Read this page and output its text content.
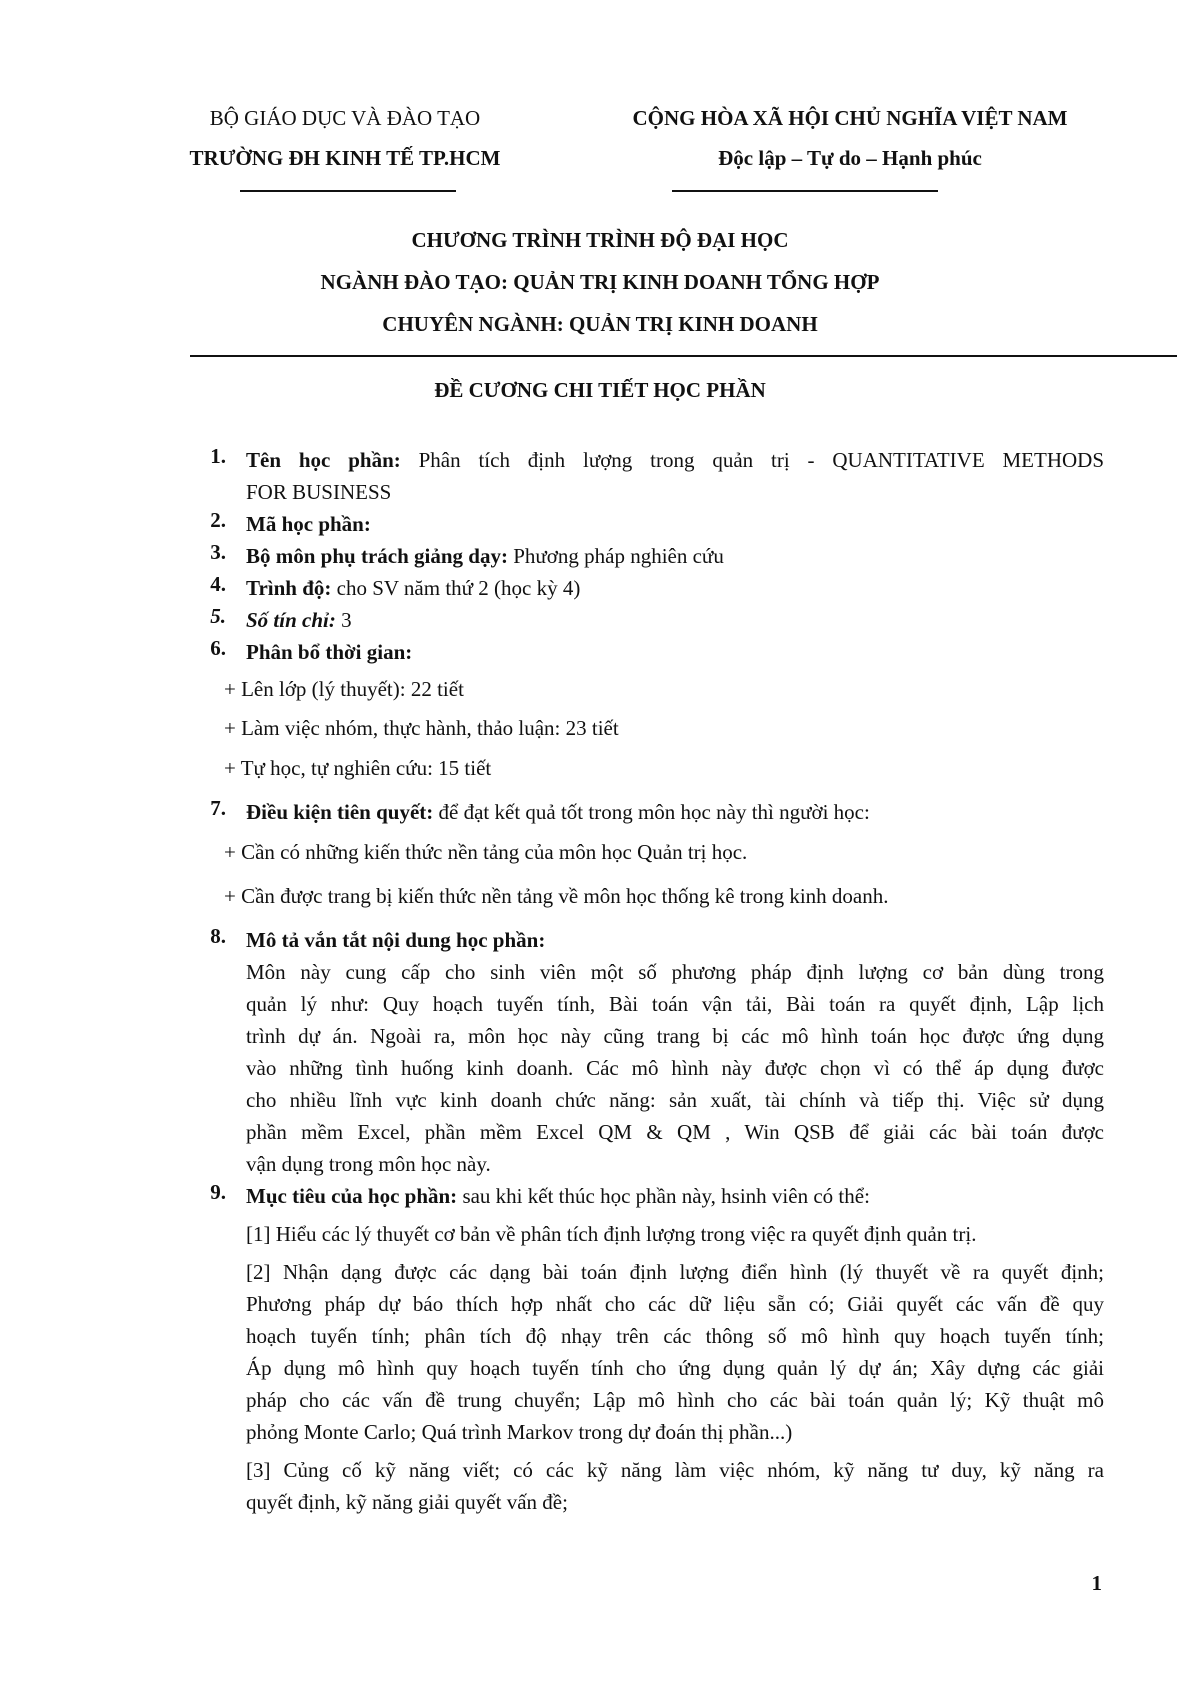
BỘ GIÁO DỤC VÀ ĐÀO TẠO
TRƯỜNG ĐH KINH TẾ TP.HCM
CỘNG HÒA XÃ HỘI CHỦ NGHĨA VIỆT NAM
Độc lập – Tự do – Hạnh phúc
CHƯƠNG TRÌNH TRÌNH ĐỘ ĐẠI HỌC
NGÀNH ĐÀO TẠO: QUẢN TRỊ KINH DOANH TỔNG HỢP
CHUYÊN NGÀNH: QUẢN TRỊ KINH DOANH
ĐỀ CƯƠNG CHI TIẾT HỌC PHẦN
1. Tên học phần: Phân tích định lượng trong quản trị - QUANTITATIVE METHODS
FOR BUSINESS
2. Mã học phần:
3. Bộ môn phụ trách giảng dạy: Phương pháp nghiên cứu
4. Trình độ: cho SV năm thứ 2 (học kỳ 4)
5. Số tín chỉ: 3
6. Phân bổ thời gian:
+ Lên lớp (lý thuyết): 22 tiết
+ Làm việc nhóm, thực hành, thảo luận: 23 tiết
+ Tự học, tự nghiên cứu: 15 tiết
7. Điều kiện tiên quyết: để đạt kết quả tốt trong môn học này thì người học:
+ Cần có những kiến thức nền tảng của môn học Quản trị học.
+ Cần được trang bị kiến thức nền tảng về môn học thống kê trong kinh doanh.
8. Mô tả vắn tắt nội dung học phần:
Môn này cung cấp cho sinh viên một số phương pháp định lượng cơ bản dùng trong
quản lý như: Quy hoạch tuyến tính, Bài toán vận tải, Bài toán ra quyết định, Lập lịch
trình dự án. Ngoài ra, môn học này cũng trang bị các mô hình toán học được ứng dụng
vào những tình huống kinh doanh. Các mô hình này được chọn vì có thể áp dụng được
cho nhiều lĩnh vực kinh doanh chức năng: sản xuất, tài chính và tiếp thị. Việc sử dụng
phần mềm Excel, phần mềm Excel QM & QM , Win QSB để giải các bài toán được
vận dụng trong môn học này.
9. Mục tiêu của học phần: sau khi kết thúc học phần này, hsinh viên có thể:
[1] Hiểu các lý thuyết cơ bản về phân tích định lượng trong việc ra quyết định quản trị.
[2] Nhận dạng được các dạng bài toán định lượng điển hình (lý thuyết về ra quyết định;
Phương pháp dự báo thích hợp nhất cho các dữ liệu sẵn có; Giải quyết các vấn đề quy
hoạch tuyến tính; phân tích độ nhạy trên các thông số mô hình quy hoạch tuyến tính;
Áp dụng mô hình quy hoạch tuyến tính cho ứng dụng quản lý dự án; Xây dựng các giải
pháp cho các vấn đề trung chuyển; Lập mô hình cho các bài toán quản lý; Kỹ thuật mô
phỏng Monte Carlo; Quá trình Markov trong dự đoán thị phần...)
[3] Củng cố kỹ năng viết; có các kỹ năng làm việc nhóm, kỹ năng tư duy, kỹ năng ra
quyết định, kỹ năng giải quyết vấn đề;
1
